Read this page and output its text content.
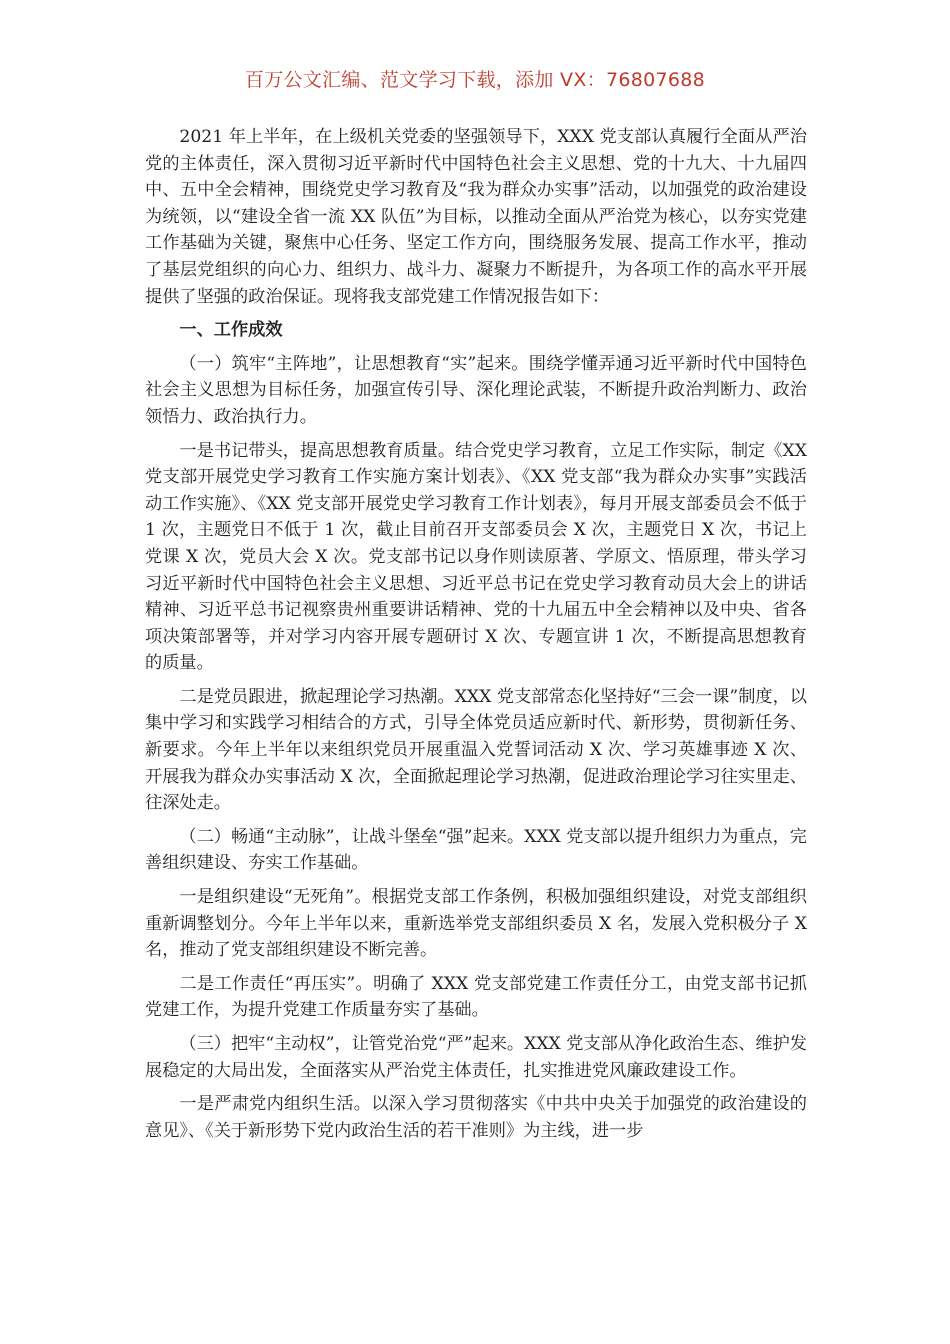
百万公文汇编、范文学习下载，添加 VX：76807688

2021 年上半年，在上级机关党委的坚强领导下，XXX 党支部认真履行全面从严治党的主体责任，深入贯彻习近平新时代中国特色社会主义思想、党的十九大、十九届四中、五中全会精神，围绕党史学习教育及“我为群众办实事”活动，以加强党的政治建设为统领，以“建设全省一流 XX 队伍”为目标，以推动全面从严治党为核心，以夯实党建工作基础为关键，聚焦中心任务、坚定工作方向，围绕服务发展、提高工作水平，推动了基层党组织的向心力、组织力、战斗力、凝聚力不断提升，为各项工作的高水平开展提供了坚强的政治保证。现将我支部党建工作情况报告如下：

一、工作成效

（一）筑牢“主阵地”，让思想教育“实”起来。围绕学懂弄通习近平新时代中国特色社会主义思想为目标任务，加强宣传引导、深化理论武装，不断提升政治判断力、政治领悟力、政治执行力。

一是书记带头，提高思想教育质量。结合党史学习教育，立足工作实际，制定《XX 党支部开展党史学习教育工作实施方案计划表》、《XX 党支部“我为群众办实事”实践活动工作实施》、《XX 党支部开展党史学习教育工作计划表》，每月开展支部委员会不低于 1 次，主题党日不低于 1 次，截止目前召开支部委员会 X 次，主题党日 X 次，书记上党课 X 次，党员大会 X 次。党支部书记以身作则读原著、学原文、悟原理，带头学习习近平新时代中国特色社会主义思想、习近平总书记在党史学习教育动员大会上的讲话精神、习近平总书记视察贵州重要讲话精神、党的十九届五中全会精神以及中央、省各项决策部署等，并对学习内容开展专题研讨 X 次、专题宣讲 1 次，不断提高思想教育的质量。

二是党员跟进，掀起理论学习热潮。XXX 党支部常态化坚持好“三会一课”制度，以集中学习和实践学习相结合的方式，引导全体党员适应新时代、新形势，贯彻新任务、新要求。今年上半年以来组织党员开展重温入党誓词活动 X 次、学习英雄事迹 X 次、开展我为群众办实事活动 X 次，全面掀起理论学习热潮，促进政治理论学习往实里走、往深处走。

（二）畅通“主动脉”，让战斗堡垒“强”起来。XXX 党支部以提升组织力为重点，完善组织建设、夯实工作基础。

一是组织建设“无死角”。根据党支部工作条例，积极加强组织建设，对党支部组织重新调整划分。今年上半年以来，重新选举党支部组织委员 X 名，发展入党积极分子 X 名，推动了党支部组织建设不断完善。

二是工作责任“再压实”。明确了 XXX 党支部党建工作责任分工，由党支部书记抓党建工作，为提升党建工作质量夯实了基础。

（三）把牢“主动权”，让管党治党“严”起来。XXX 党支部从净化政治生态、维护发展稳定的大局出发，全面落实从严治党主体责任，扎实推进党风廉政建设工作。

一是严肃党内组织生活。以深入学习贯彻落实《中共中央关于加强党的政治建设的意见》、《关于新形势下党内政治生活的若干准则》为主线，进一步
